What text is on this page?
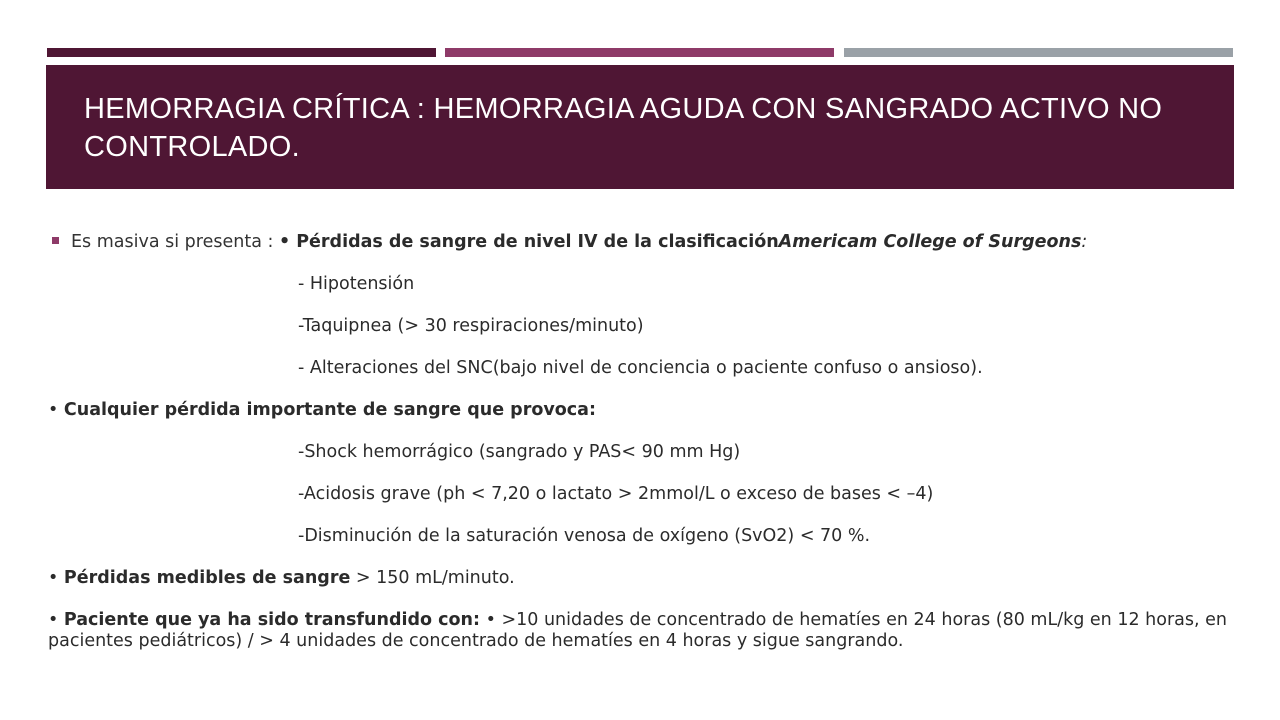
HEMORRAGIA CRÍTICA : HEMORRAGIA AGUDA CON SANGRADO ACTIVO NO CONTROLADO.
Es masiva si presenta : • Pérdidas de sangre de nivel IV de la clasificaciónAmericam College of Surgeons:
- Hipotensión
-Taquipnea (> 30 respiraciones/minuto)
- Alteraciones del SNC(bajo nivel de conciencia o paciente confuso o ansioso).
• Cualquier pérdida importante de sangre que provoca:
-Shock hemorrágico (sangrado y PAS< 90 mm Hg)
-Acidosis grave (ph < 7,20 o lactato > 2mmol/L o exceso de bases < –4)
-Disminución de la saturación venosa de oxígeno (SvO2) < 70 %.
• Pérdidas medibles de sangre > 150 mL/minuto.
• Paciente que ya ha sido transfundido con: • >10 unidades de concentrado de hematíes en 24 horas (80 mL/kg en 12 horas, en pacientes pediátricos) / > 4 unidades de concentrado de hematíes en 4 horas y sigue sangrando.
